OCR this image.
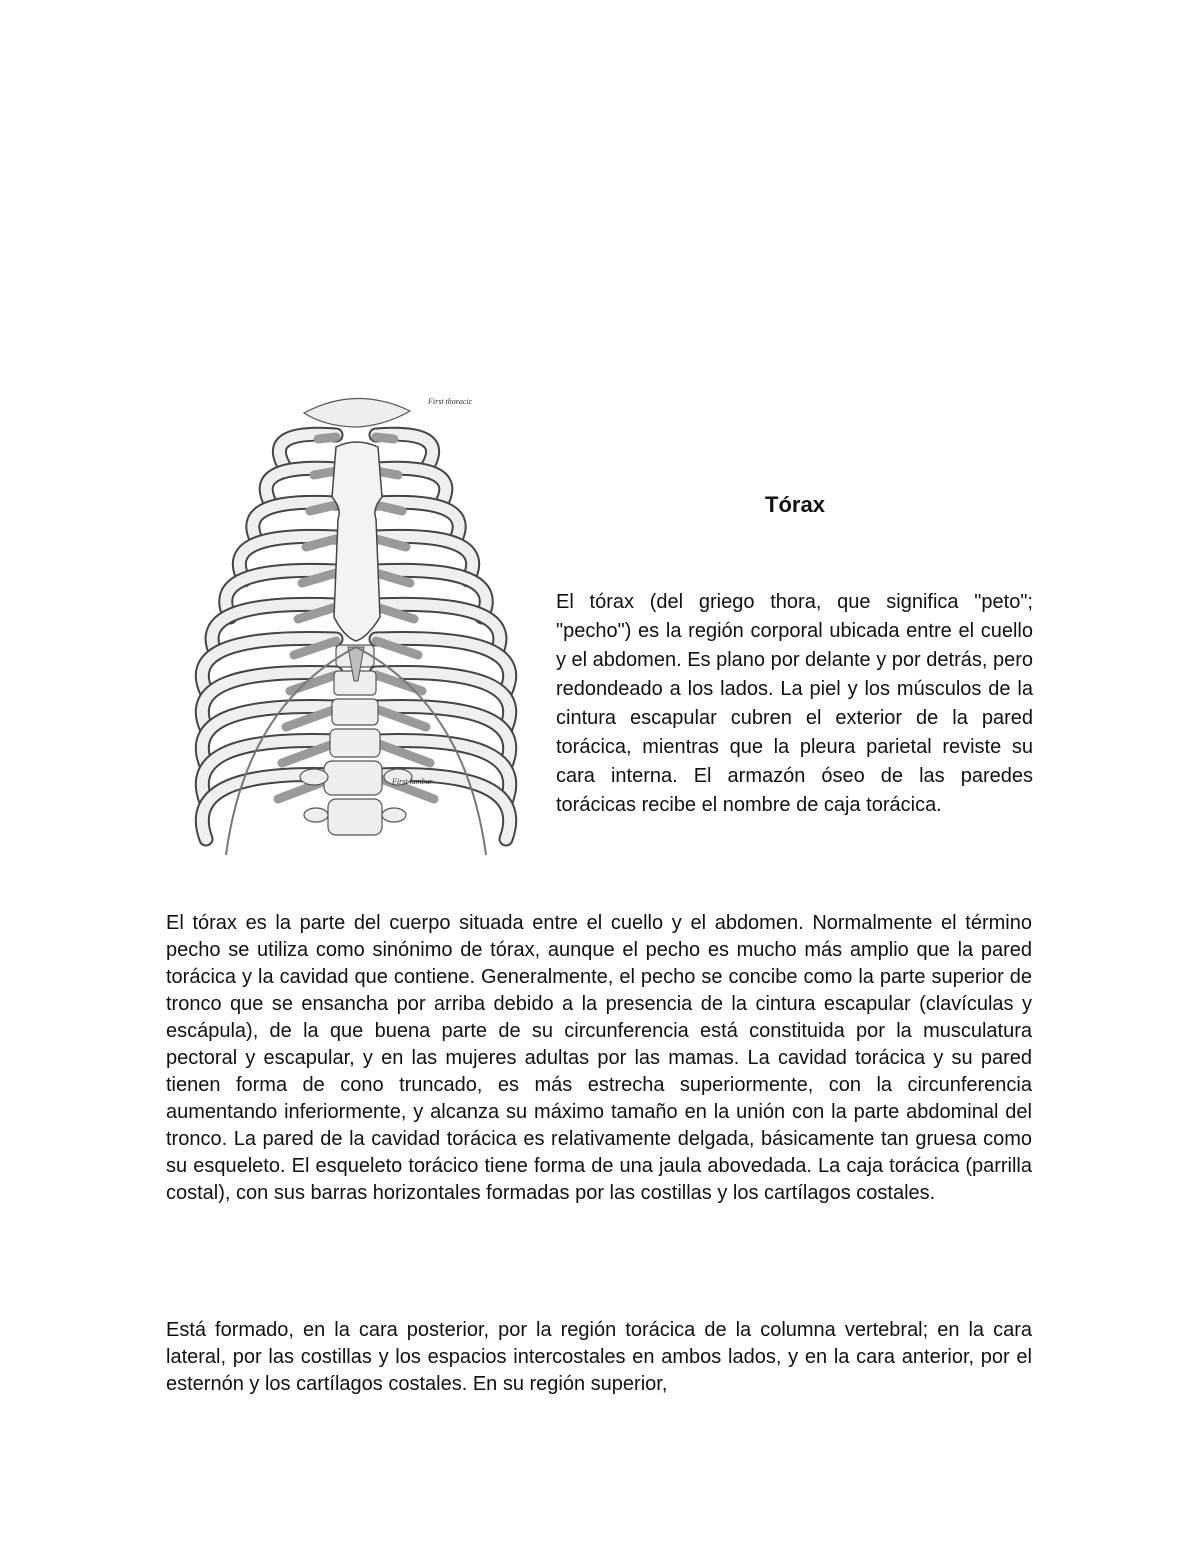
First thoracic
First lumbar
Tórax

El tórax (del griego thora, que significa "peto"; "pecho") es la región corporal ubicada entre el cuello y el abdomen. Es plano por delante y por detrás, pero redondeado a los lados. La piel y los músculos de la cintura escapular cubren el exterior de la pared torácica, mientras que la pleura parietal reviste su cara interna. El armazón óseo de las paredes torácicas recibe el nombre de caja torácica.

El tórax es la parte del cuerpo situada entre el cuello y el abdomen. Normalmente el término pecho se utiliza como sinónimo de tórax, aunque el pecho es mucho más amplio que la pared torácica y la cavidad que contiene. Generalmente, el pecho se concibe como la parte superior de tronco que se ensancha por arriba debido a la presencia de la cintura escapular (clavículas y escápula), de la que buena parte de su circunferencia está constituida por la musculatura pectoral y escapular, y en las mujeres adultas por las mamas. La cavidad torácica y su pared tienen forma de cono truncado, es más estrecha superiormente, con la circunferencia aumentando inferiormente, y alcanza su máximo tamaño en la unión con la parte abdominal del tronco. La pared de la cavidad torácica es relativamente delgada, básicamente tan gruesa como su esqueleto. El esqueleto torácico tiene forma de una jaula abovedada. La caja torácica (parrilla costal), con sus barras horizontales formadas por las costillas y los cartílagos costales.

Está formado, en la cara posterior, por la región torácica de la columna vertebral; en la cara lateral, por las costillas y los espacios intercostales en ambos lados, y en la cara anterior, por el esternón y los cartílagos costales. En su región superior,
